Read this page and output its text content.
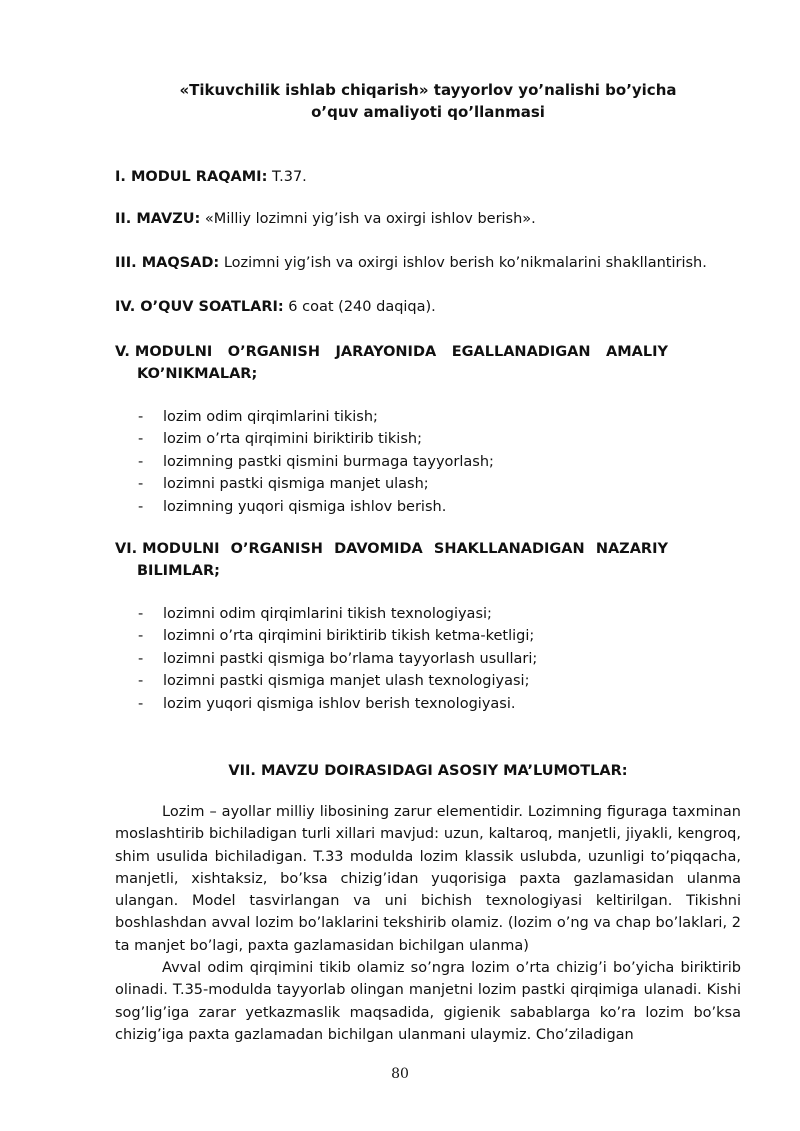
«Tikuvchilik ishlab chiqarish» tayyorlov yo’nalishi bo’yicha
o’quv amaliyoti qo’llanmasi
I. MODUL RAQAMI: T.37.
II. MAVZU: «Milliy lozimni yig’ish va oxirgi ishlov berish».
III. MAQSAD: Lozimni yig’ish va oxirgi ishlov berish ko’nikmalarini shakllantirish.
IV. O’QUV SOATLARI: 6 coat (240 daqiqa).
V. MODULNI O’RGANISH JARAYONIDA EGALLANADIGAN AMALIY
KO’NIKMALAR;
- lozim odim qirqimlarini tikish;
- lozim o’rta qirqimini biriktirib tikish;
- lozimning pastki qismini burmaga tayyorlash;
- lozimni pastki qismiga manjet ulash;
- lozimning yuqori qismiga ishlov berish.
VI. MODULNI O’RGANISH DAVOMIDA SHAKLLANADIGAN NAZARIY
BILIMLAR;
- lozimni odim qirqimlarini tikish texnologiyasi;
- lozimni o’rta qirqimini biriktirib tikish ketma-ketligi;
- lozimni pastki qismiga bo’rlama tayyorlash usullari;
- lozimni pastki qismiga manjet ulash texnologiyasi;
- lozim yuqori qismiga ishlov berish texnologiyasi.
VII. MAVZU DOIRASIDAGI ASOSIY MA’LUMOTLAR:

Lozim – ayollar milliy libosining zarur elementidir. Lozimning figuraga taxminan moslashtirib bichiladigan turli xillari mavjud: uzun, kaltaroq, manjetli, jiyakli, kengroq, shim usulida bichiladigan. T.33 modulda lozim klassik uslubda, uzunligi to’piqqacha, manjetli, xishtaksiz, bo’ksa chizig’idan yuqorisiga paxta gazlamasidan ulanma ulangan. Model tasvirlangan va uni bichish texnologiyasi keltirilgan. Tikishni boshlashdan avval lozim bo’laklarini tekshirib olamiz. (lozim o’ng va chap bo’laklari, 2 ta manjet bo’lagi, paxta gazlamasidan bichilgan ulanma)

Avval odim qirqimini tikib olamiz so’ngra lozim o’rta chizig’i bo’yicha biriktirib olinadi. T.35-modulda tayyorlab olingan manjetni lozim pastki qirqimiga ulanadi. Kishi sog’lig’iga zarar yetkazmaslik maqsadida, gigienik sabablarga ko’ra lozim bo’ksa chizig’iga paxta gazlamadan bichilgan ulanmani ulaymiz. Cho’ziladigan

80
